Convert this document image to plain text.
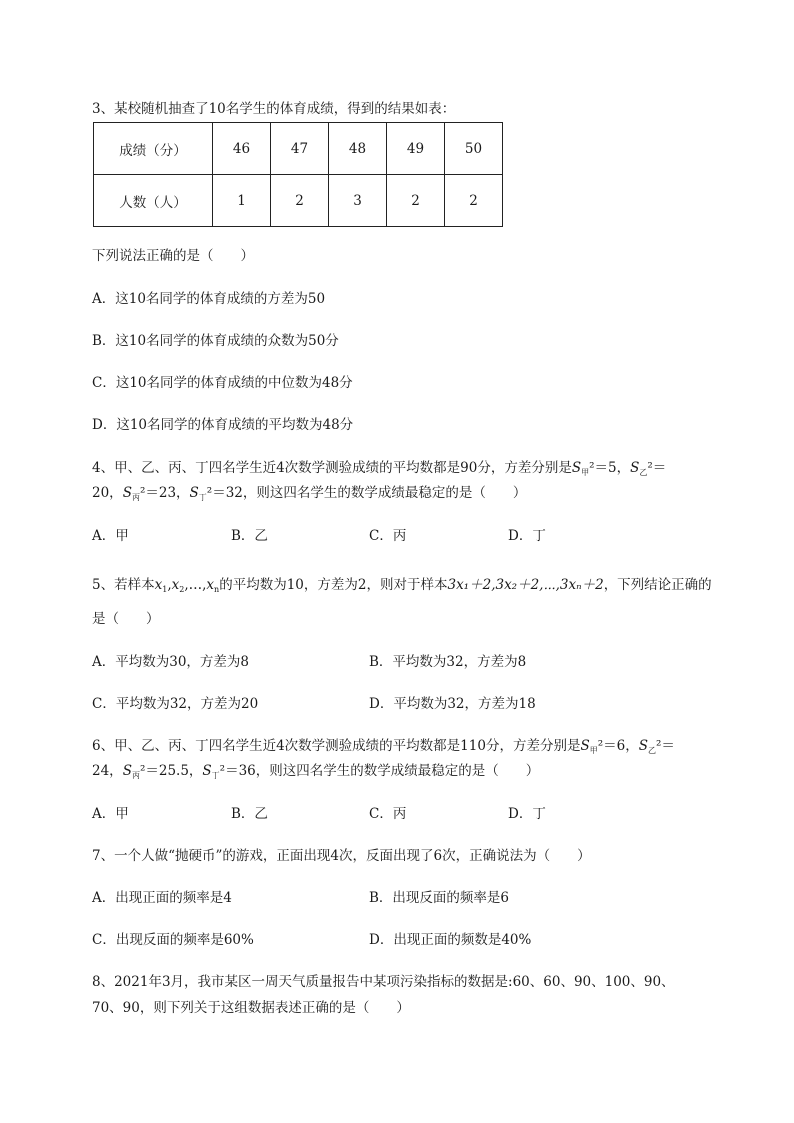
3、某校随机抽查了10名学生的体育成绩，得到的结果如表：
成绩（分）	46	47	48	49	50
人数（人）	1	2	3	2	2
下列说法正确的是（　　）
A．这10名同学的体育成绩的方差为50
B．这10名同学的体育成绩的众数为50分
C．这10名同学的体育成绩的中位数为48分
D．这10名同学的体育成绩的平均数为48分
4、甲、乙、丙、丁四名学生近4次数学测验成绩的平均数都是90分，方差分别是$S_甲^2=5$，$S_乙^2=$
20，$S_丙^2=23$，$S_丁^2=32$，则这四名学生的数学成绩最稳定的是（　　）
A．甲	B．乙	C．丙	D．丁
5、若样本$x_1,x_2,\dots,x_n$的平均数为10，方差为2，则对于样本3x₁＋2,3x₂＋2,⋯,3xₙ＋2，下列结论正确的
是（　　）
A．平均数为30，方差为8	B．平均数为32，方差为8
C．平均数为32，方差为20	D．平均数为32，方差为18
6、甲、乙、丙、丁四名学生近4次数学测验成绩的平均数都是110分，方差分别是$S_甲^2=6$，$S_乙^2=$
24，$S_丙^2=25.5$，$S_丁^2=36$，则这四名学生的数学成绩最稳定的是（　　）
A．甲	B．乙	C．丙	D．丁
7、一个人做“抛硬币”的游戏，正面出现4次，反面出现了6次，正确说法为（　　）
A．出现正面的频率是4	B．出现反面的频率是6
C．出现反面的频率是60%	D．出现正面的频数是40%
8、2021年3月，我市某区一周天气质量报告中某项污染指标的数据是:60、60、90、100、90、
70、90，则下列关于这组数据表述正确的是（　　）
